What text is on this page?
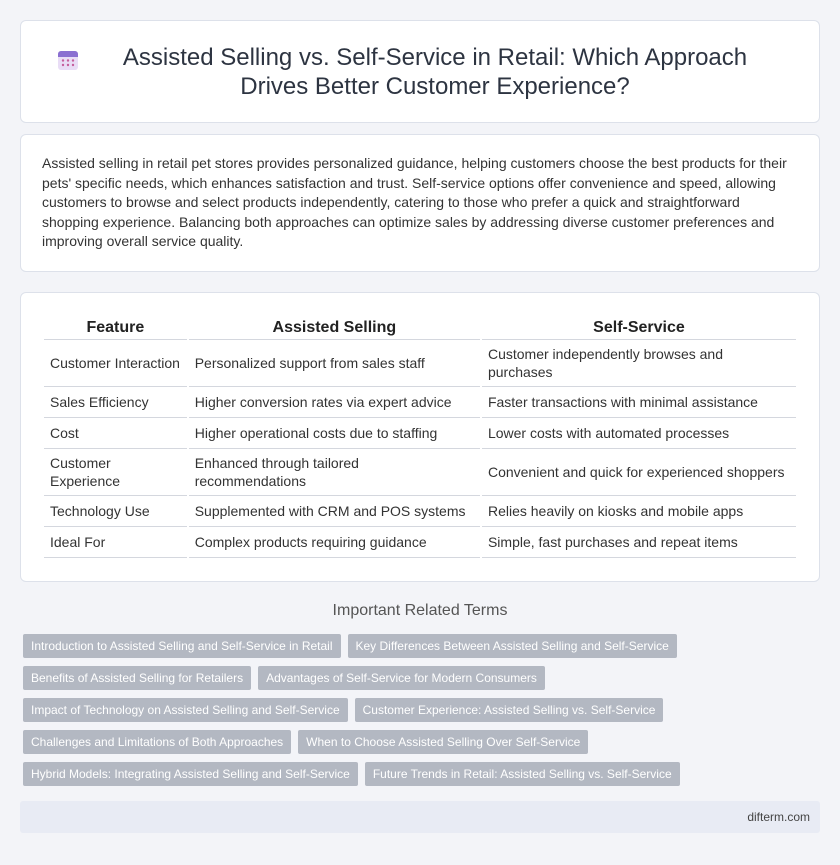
Assisted Selling vs. Self-Service in Retail: Which Approach Drives Better Customer Experience?

Assisted selling in retail pet stores provides personalized guidance, helping customers choose the best products for their pets' specific needs, which enhances satisfaction and trust. Self-service options offer convenience and speed, allowing customers to browse and select products independently, catering to those who prefer a quick and straightforward shopping experience. Balancing both approaches can optimize sales by addressing diverse customer preferences and improving overall service quality.

Feature	Assisted Selling	Self-Service
Customer Interaction	Personalized support from sales staff	Customer independently browses and purchases
Sales Efficiency	Higher conversion rates via expert advice	Faster transactions with minimal assistance
Cost	Higher operational costs due to staffing	Lower costs with automated processes
Customer Experience	Enhanced through tailored recommendations	Convenient and quick for experienced shoppers
Technology Use	Supplemented with CRM and POS systems	Relies heavily on kiosks and mobile apps
Ideal For	Complex products requiring guidance	Simple, fast purchases and repeat items
Important Related Terms
Introduction to Assisted Selling and Self-Service in Retail	Key Differences Between Assisted Selling and Self-Service
Benefits of Assisted Selling for Retailers	Advantages of Self-Service for Modern Consumers
Impact of Technology on Assisted Selling and Self-Service	Customer Experience: Assisted Selling vs. Self-Service
Challenges and Limitations of Both Approaches	When to Choose Assisted Selling Over Self-Service
Hybrid Models: Integrating Assisted Selling and Self-Service	Future Trends in Retail: Assisted Selling vs. Self-Service
difterm.com
